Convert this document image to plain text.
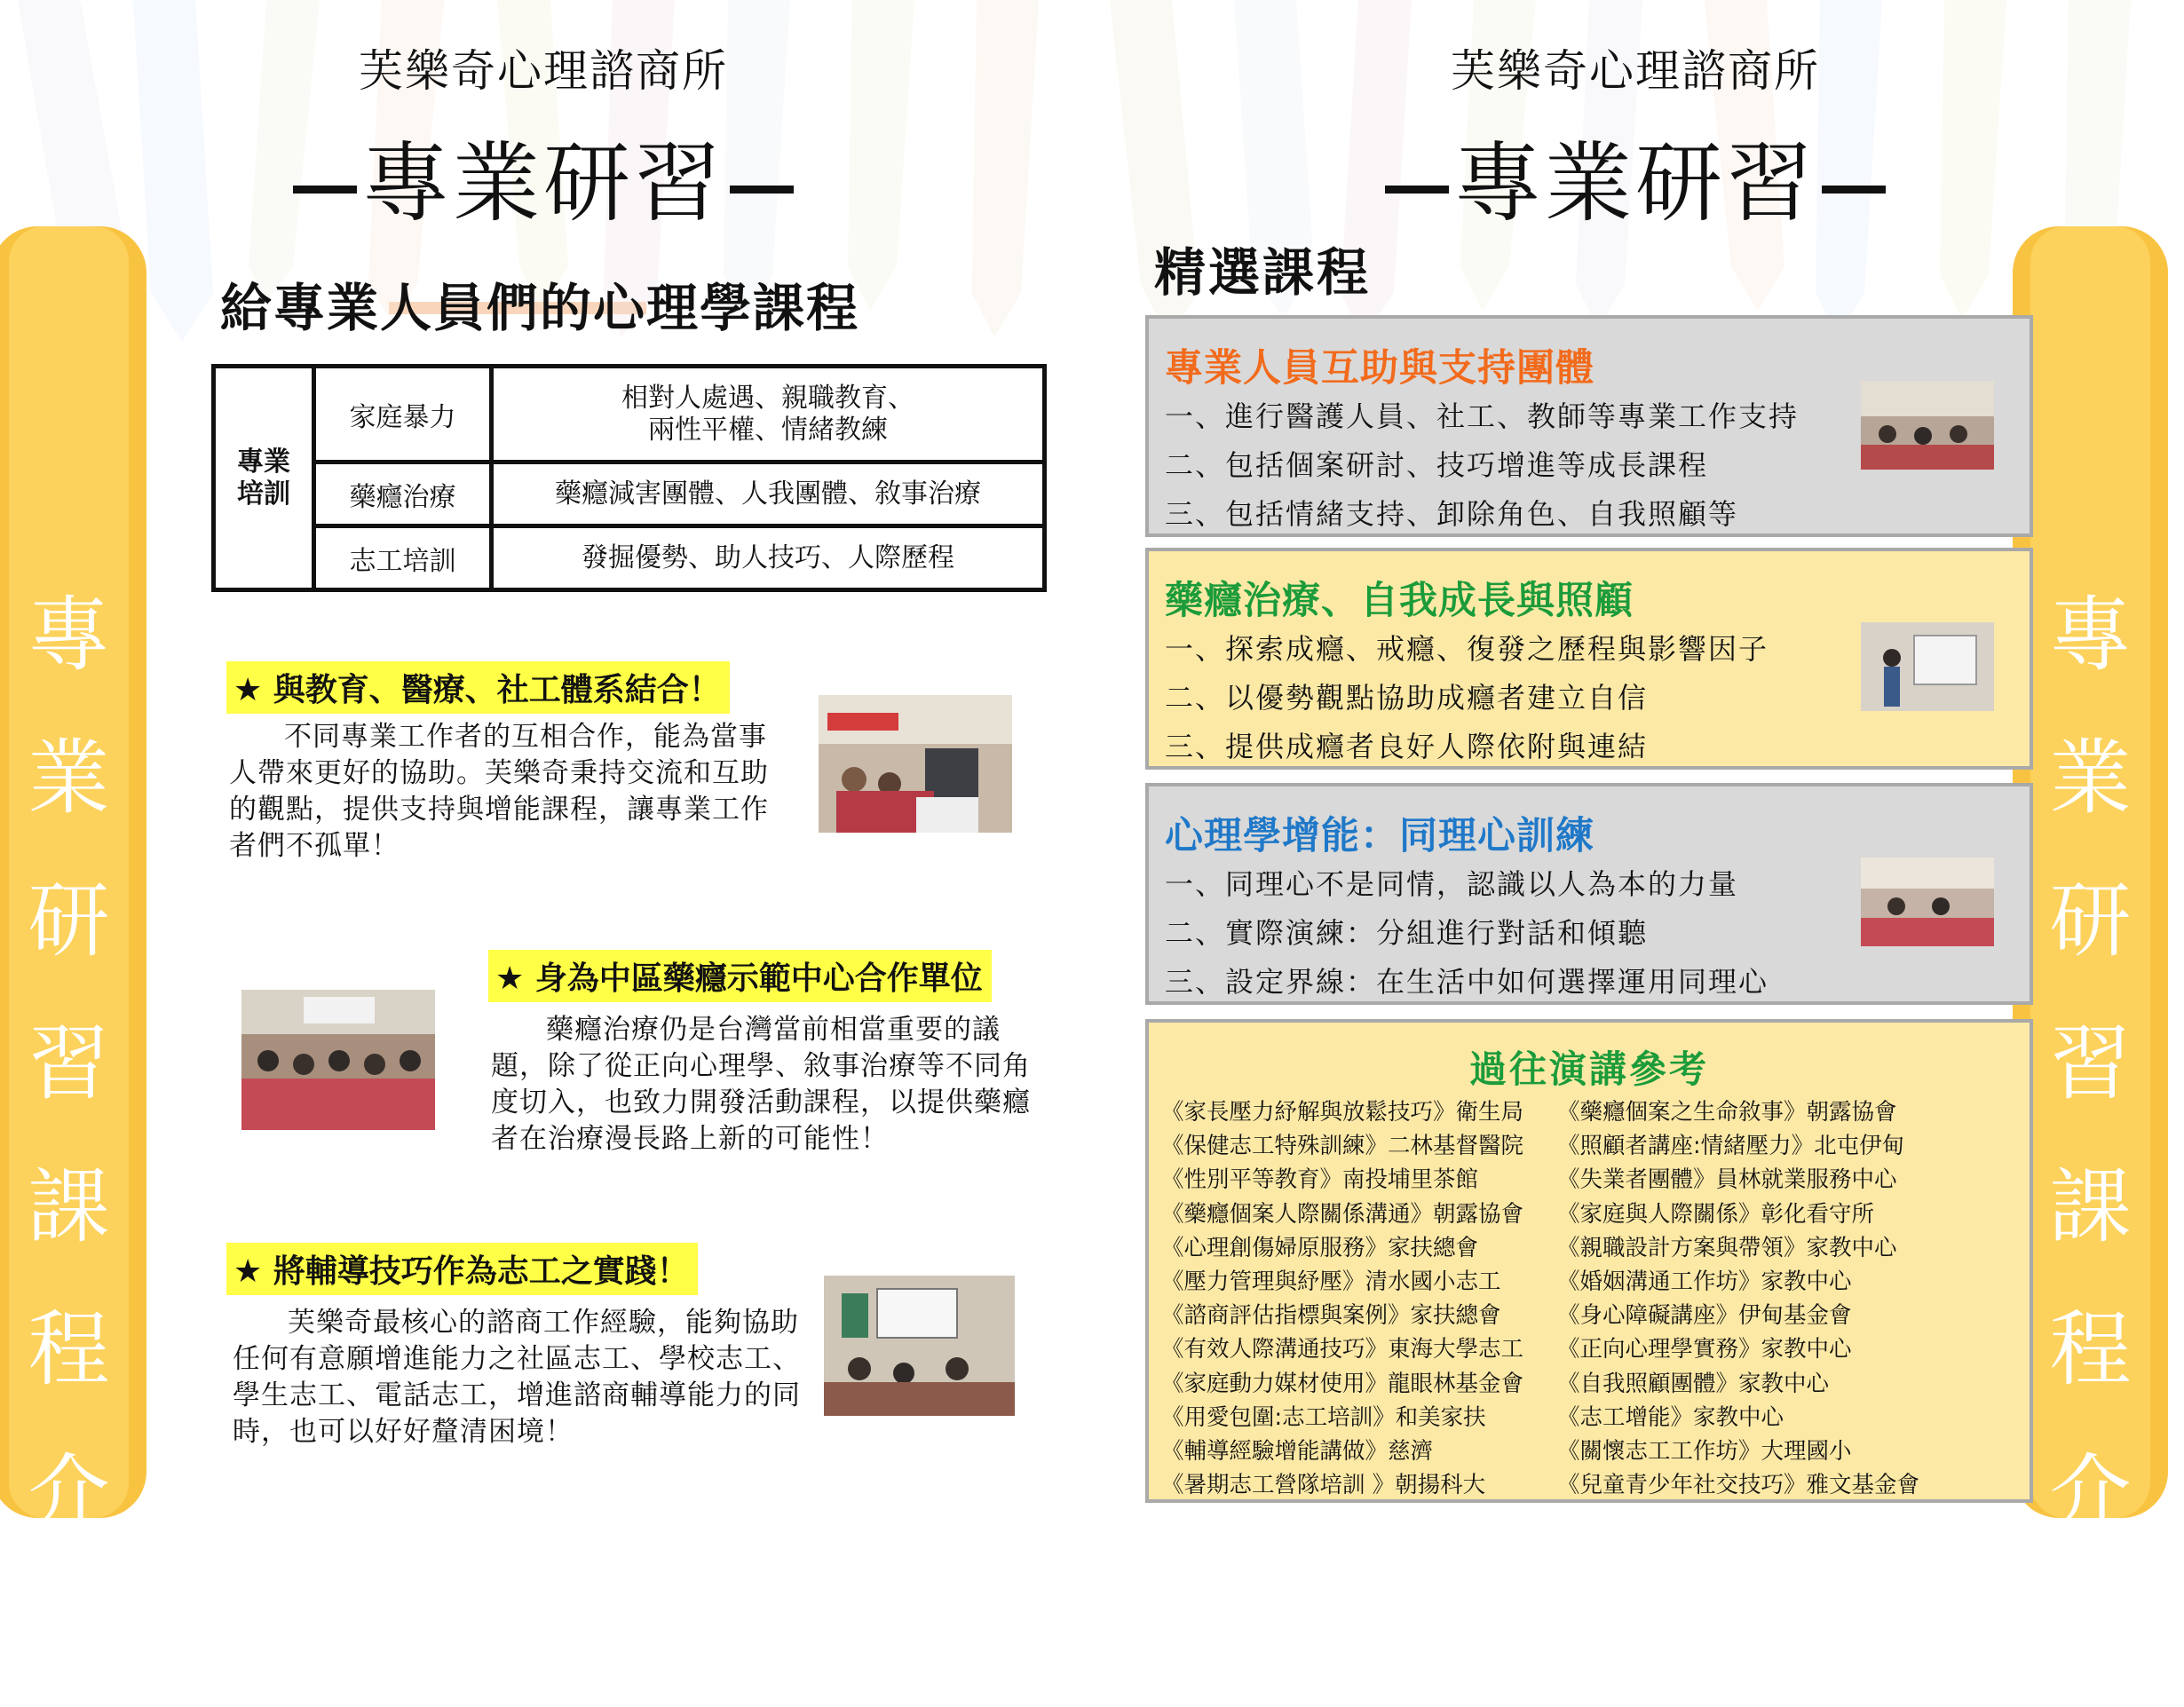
專
業
研
習
課
程
介
紹
芙樂奇心理諮商所
專業研習
給專業人員們的心理學課程
專業
培訓	家庭暴力	相對人處遇、親職教育、
兩性平權、情緒教練
	藥癮治療	藥癮減害團體、人我團體、敘事治療
	志工培訓	發掘優勢、助人技巧、人際歷程
★ 與教育、醫療、社工體系結合！
不同專業工作者的互相合作，能為當事人帶來更好的協助。芙樂奇秉持交流和互助的觀點，提供支持與增能課程，讓專業工作者們不孤單！
★ 身為中區藥癮示範中心合作單位
藥癮治療仍是台灣當前相當重要的議題，除了從正向心理學、敘事治療等不同角度切入，也致力開發活動課程，以提供藥癮者在治療漫長路上新的可能性！
★ 將輔導技巧作為志工之實踐！
芙樂奇最核心的諮商工作經驗，能夠協助任何有意願增進能力之社區志工、學校志工、學生志工、電話志工，增進諮商輔導能力的同時，也可以好好釐清困境！
專
業
研
習
課
程
介
紹
芙樂奇心理諮商所
專業研習
精選課程
專業人員互助與支持團體
一、進行醫護人員、社工、教師等專業工作支持
二、包括個案研討、技巧增進等成長課程
三、包括情緒支持、卸除角色、自我照顧等
藥癮治療、自我成長與照顧
一、探索成癮、戒癮、復發之歷程與影響因子
二、以優勢觀點協助成癮者建立自信
三、提供成癮者良好人際依附與連結
心理學增能：同理心訓練
一、同理心不是同情，認識以人為本的力量
二、實際演練：分組進行對話和傾聽
三、設定界線：在生活中如何選擇運用同理心
過往演講參考
《家長壓力紓解與放鬆技巧》衛生局
《保健志工特殊訓練》二林基督醫院
《性別平等教育》南投埔里茶館
《藥癮個案人際關係溝通》朝露協會
《心理創傷婦原服務》家扶總會
《壓力管理與紓壓》清水國小志工
《諮商評估指標與案例》家扶總會
《有效人際溝通技巧》東海大學志工
《家庭動力媒材使用》龍眼林基金會
《用愛包圍:志工培訓》和美家扶
《輔導經驗增能講做》慈濟
《暑期志工營隊培訓 》朝揚科大
《藥癮個案之生命敘事》朝露協會
《照顧者講座:情緒壓力》北屯伊甸
《失業者團體》員林就業服務中心
《家庭與人際關係》彰化看守所
《親職設計方案與帶領》家教中心
《婚姻溝通工作坊》家教中心
《身心障礙講座》伊甸基金會
《正向心理學實務》家教中心
《自我照顧團體》家教中心
《志工增能》家教中心
《關懷志工工作坊》大理國小
《兒童青少年社交技巧》雅文基金會
